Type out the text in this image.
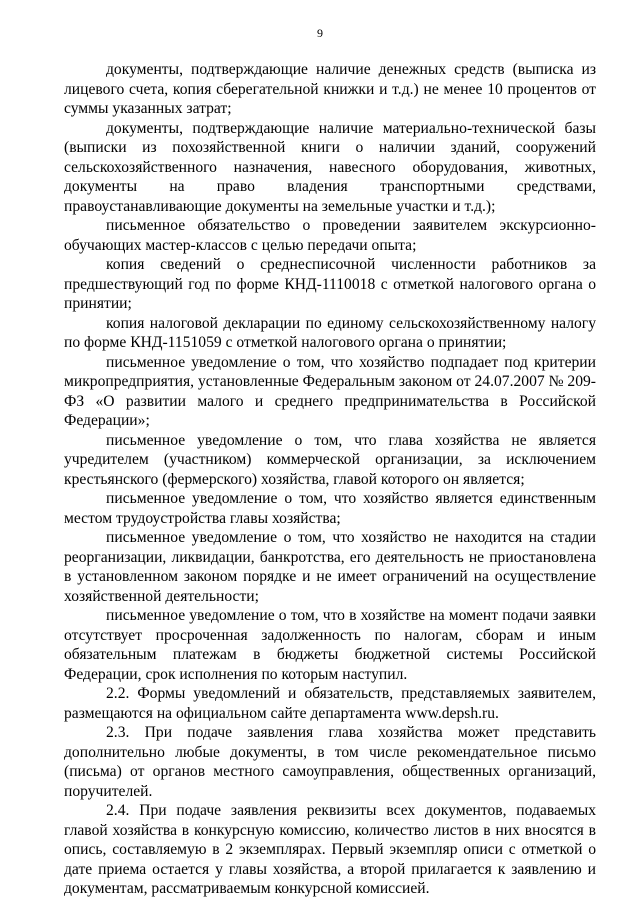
9

документы, подтверждающие наличие денежных средств (выписка из лицевого счета, копия сберегательной книжки и т.д.) не менее 10 процентов от суммы указанных затрат;

документы, подтверждающие наличие материально-технической базы (выписки из похозяйственной книги о наличии зданий, сооружений сельскохозяйственного назначения, навесного оборудования, животных, документы на право владения транспортными средствами, правоустанавливающие документы на земельные участки и т.д.);

письменное обязательство о проведении заявителем экскурсионно-обучающих мастер-классов с целью передачи опыта;

копия сведений о среднесписочной численности работников за предшествующий год по форме КНД-1110018 с отметкой налогового органа о принятии;

копия налоговой декларации по единому сельскохозяйственному налогу по форме КНД-1151059 с отметкой налогового органа о принятии;

письменное уведомление о том, что хозяйство подпадает под критерии микропредприятия, установленные Федеральным законом от 24.07.2007 № 209-ФЗ «О развитии малого и среднего предпринимательства в Российской Федерации»;

письменное уведомление о том, что глава хозяйства не является учредителем (участником) коммерческой организации, за исключением крестьянского (фермерского) хозяйства, главой которого он является;

письменное уведомление о том, что хозяйство является единственным местом трудоустройства главы хозяйства;

письменное уведомление о том, что хозяйство не находится на стадии реорганизации, ликвидации, банкротства, его деятельность не приостановлена в установленном законом порядке и не имеет ограничений на осуществление хозяйственной деятельности;

письменное уведомление о том, что в хозяйстве на момент подачи заявки отсутствует просроченная задолженность по налогам, сборам и иным обязательным платежам в бюджеты бюджетной системы Российской Федерации, срок исполнения по которым наступил.

2.2. Формы уведомлений и обязательств, представляемых заявителем, размещаются на официальном сайте департамента www.depsh.ru.

2.3. При подаче заявления глава хозяйства может представить дополнительно любые документы, в том числе рекомендательное письмо (письма) от органов местного самоуправления, общественных организаций, поручителей.

2.4. При подаче заявления реквизиты всех документов, подаваемых главой хозяйства в конкурсную комиссию, количество листов в них вносятся в опись, составляемую в 2 экземплярах. Первый экземпляр описи с отметкой о дате приема остается у главы хозяйства, а второй прилагается к заявлению и документам, рассматриваемым конкурсной комиссией.
